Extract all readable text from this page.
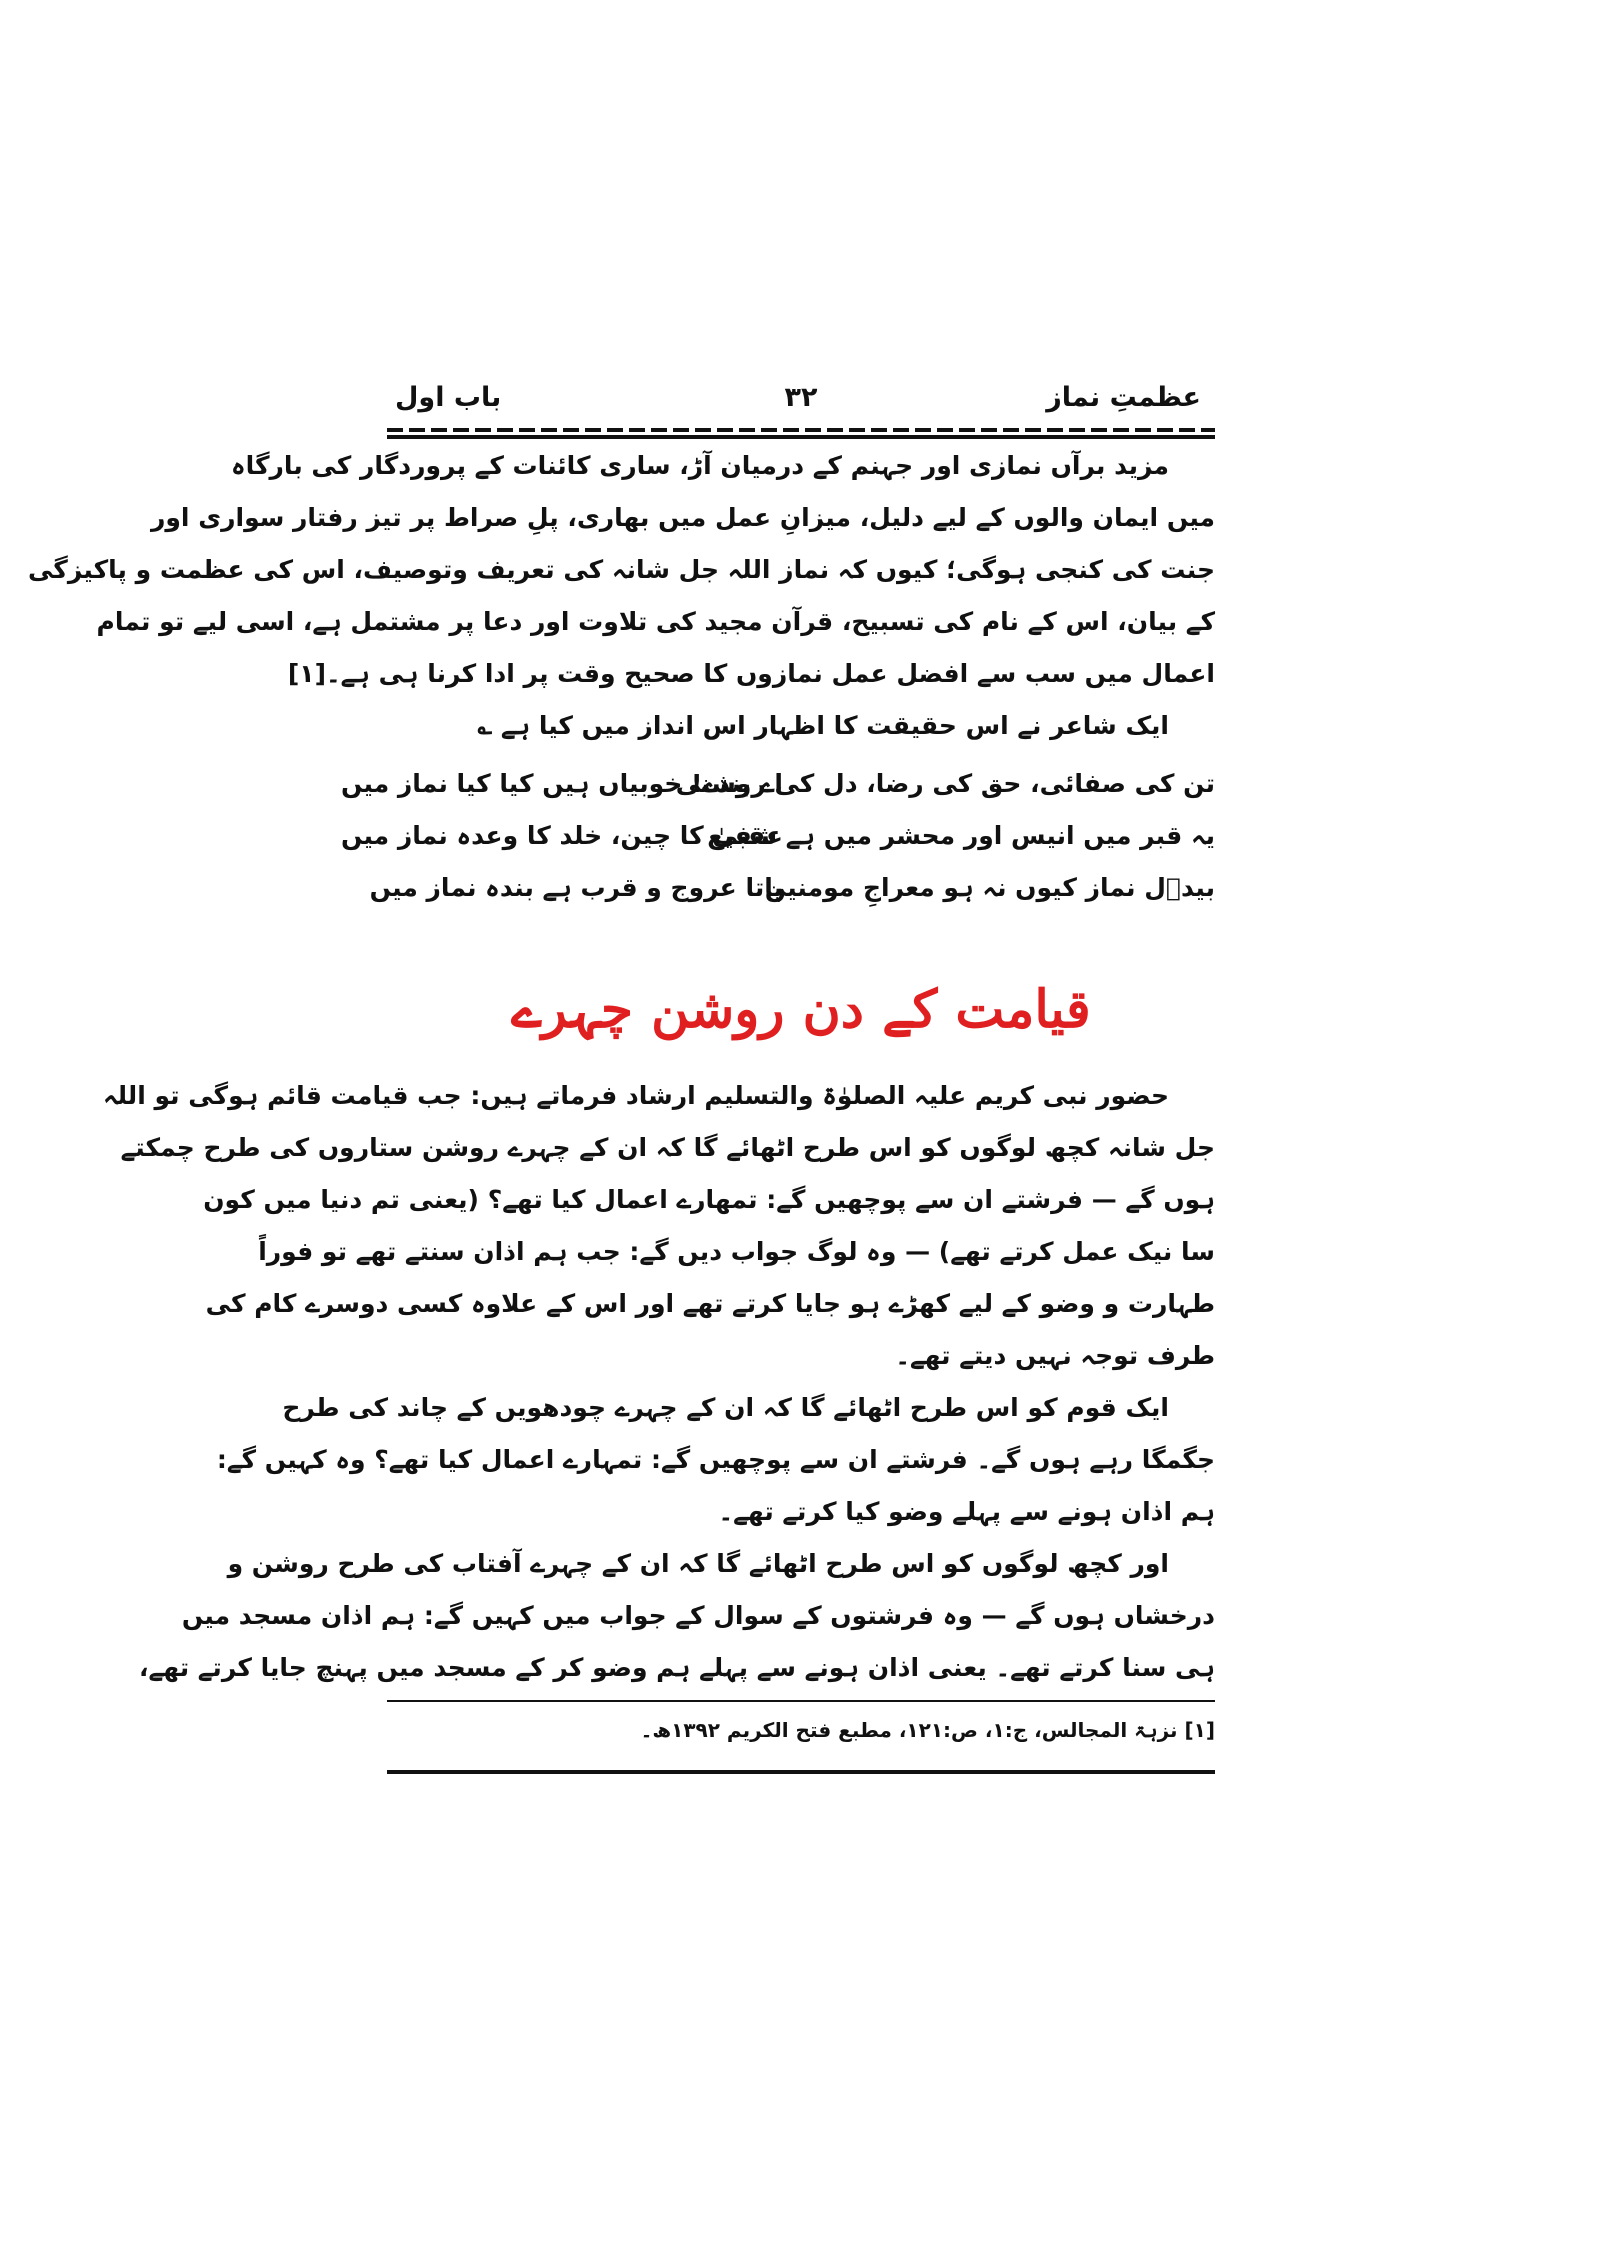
عظمتِ نماز
۳۲
باب اول
مزید برآں نمازی اور جہنم کے درمیان آڑ، ساری کائنات کے پروردگار کی بارگاہ
میں ایمان والوں کے لیے دلیل، میزانِ عمل میں بھاری، پلِ صراط پر تیز رفتار سواری اور
جنت کی کنجی ہوگی؛ کیوں کہ نماز اللہ جل شانہ کی تعریف وتوصیف، اس کی عظمت و پاکیزگی
کے بیان، اس کے نام کی تسبیح، قرآن مجید کی تلاوت اور دعا پر مشتمل ہے، اسی لیے تو تمام
اعمال میں سب سے افضل عمل نمازوں کا صحیح وقت پر ادا کرنا ہی ہے۔[۱]
ایک شاعر نے اس حقیقت کا اظہار اس انداز میں کیا ہے ؎
تن کی صفائی، حق کی رضا، دل کی روشنی
اے بندے! خوبیاں ہیں کیا کیا نماز میں
یہ قبر میں انیس اور محشر میں ہے شفیع
عقبیٰ کا چین، خلد کا وعدہ نماز میں
بیدؔل نماز کیوں نہ ہو معراجِ مومنین
پاتا عروج و قرب ہے بندہ نماز میں
قیامت کے دن روشن چہرے
حضور نبی کریم علیہ الصلوٰۃ والتسلیم ارشاد فرماتے ہیں: جب قیامت قائم ہوگی تو اللہ
جل شانہ کچھ لوگوں کو اس طرح اٹھائے گا کہ ان کے چہرے روشن ستاروں کی طرح چمکتے
ہوں گے — فرشتے ان سے پوچھیں گے: تمھارے اعمال کیا تھے؟ (یعنی تم دنیا میں کون
سا نیک عمل کرتے تھے) — وہ لوگ جواب دیں گے: جب ہم اذان سنتے تھے تو فوراً
طہارت و وضو کے لیے کھڑے ہو جایا کرتے تھے اور اس کے علاوہ کسی دوسرے کام کی
طرف توجہ نہیں دیتے تھے۔
ایک قوم کو اس طرح اٹھائے گا کہ ان کے چہرے چودھویں کے چاند کی طرح
جگمگا رہے ہوں گے۔ فرشتے ان سے پوچھیں گے: تمہارے اعمال کیا تھے؟ وہ کہیں گے:
ہم اذان ہونے سے پہلے وضو کیا کرتے تھے۔
اور کچھ لوگوں کو اس طرح اٹھائے گا کہ ان کے چہرے آفتاب کی طرح روشن و
درخشاں ہوں گے — وہ فرشتوں کے سوال کے جواب میں کہیں گے: ہم اذان مسجد میں
ہی سنا کرتے تھے۔ یعنی اذان ہونے سے پہلے ہم وضو کر کے مسجد میں پہنچ جایا کرتے تھے،
[۱] نزہۃ المجالس، ج:۱، ص:۱۲۱، مطبع فتح الکریم ۱۳۹۲ھ۔
